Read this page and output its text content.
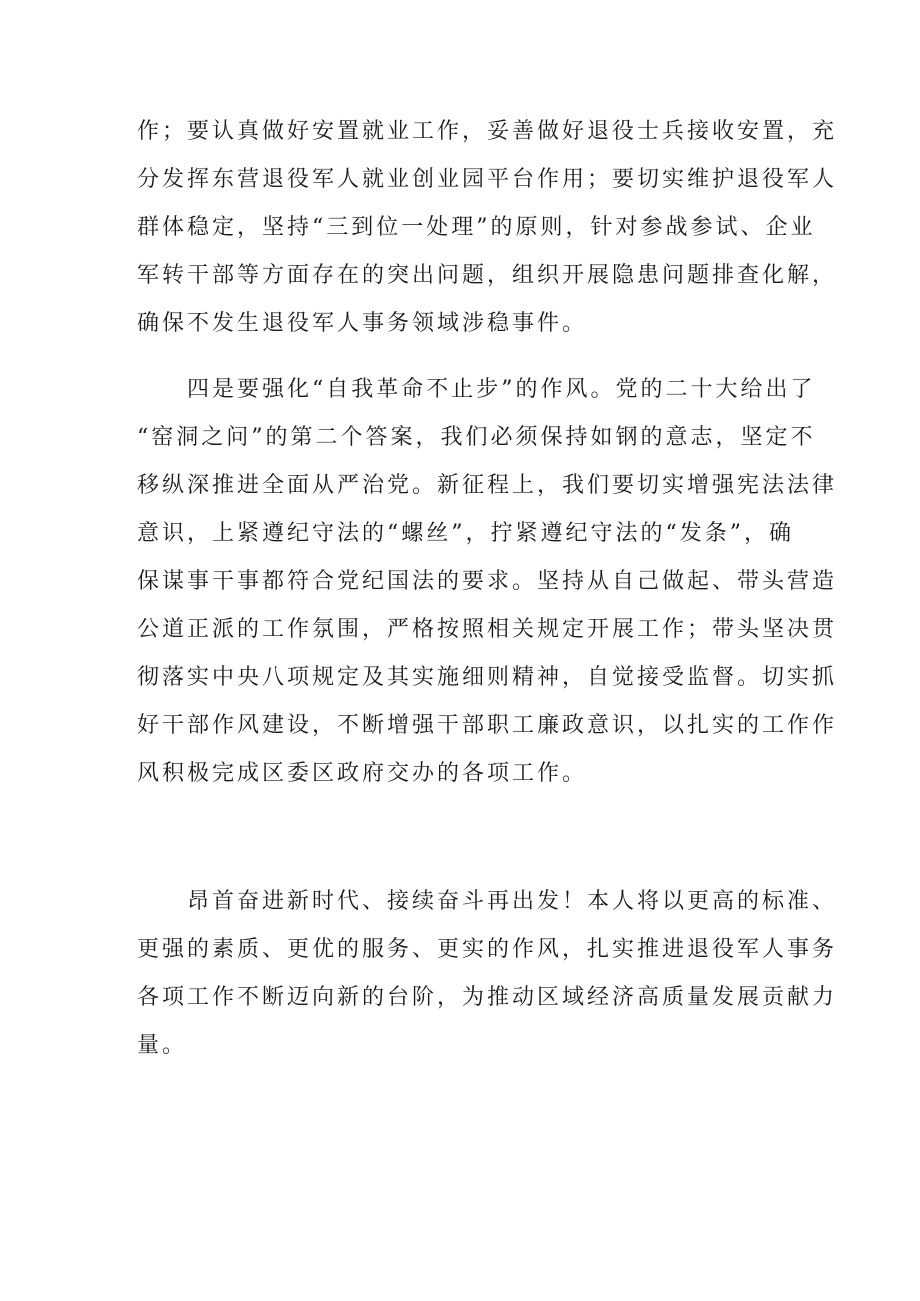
作；要认真做好安置就业工作，妥善做好退役士兵接收安置，充
分发挥东营退役军人就业创业园平台作用；要切实维护退役军人
群体稳定，坚持“三到位一处理”的原则，针对参战参试、企业
军转干部等方面存在的突出问题，组织开展隐患问题排查化解，
确保不发生退役军人事务领域涉稳事件。
四是要强化“自我革命不止步”的作风。党的二十大给出了
“窑洞之问”的第二个答案，我们必须保持如钢的意志，坚定不
移纵深推进全面从严治党。新征程上，我们要切实增强宪法法律
意识，上紧遵纪守法的“螺丝”，拧紧遵纪守法的“发条”，确
保谋事干事都符合党纪国法的要求。坚持从自己做起、带头营造
公道正派的工作氛围，严格按照相关规定开展工作；带头坚决贯
彻落实中央八项规定及其实施细则精神，自觉接受监督。切实抓
好干部作风建设，不断增强干部职工廉政意识，以扎实的工作作
风积极完成区委区政府交办的各项工作。
昂首奋进新时代、接续奋斗再出发！本人将以更高的标准、
更强的素质、更优的服务、更实的作风，扎实推进退役军人事务
各项工作不断迈向新的台阶，为推动区域经济高质量发展贡献力
量。
